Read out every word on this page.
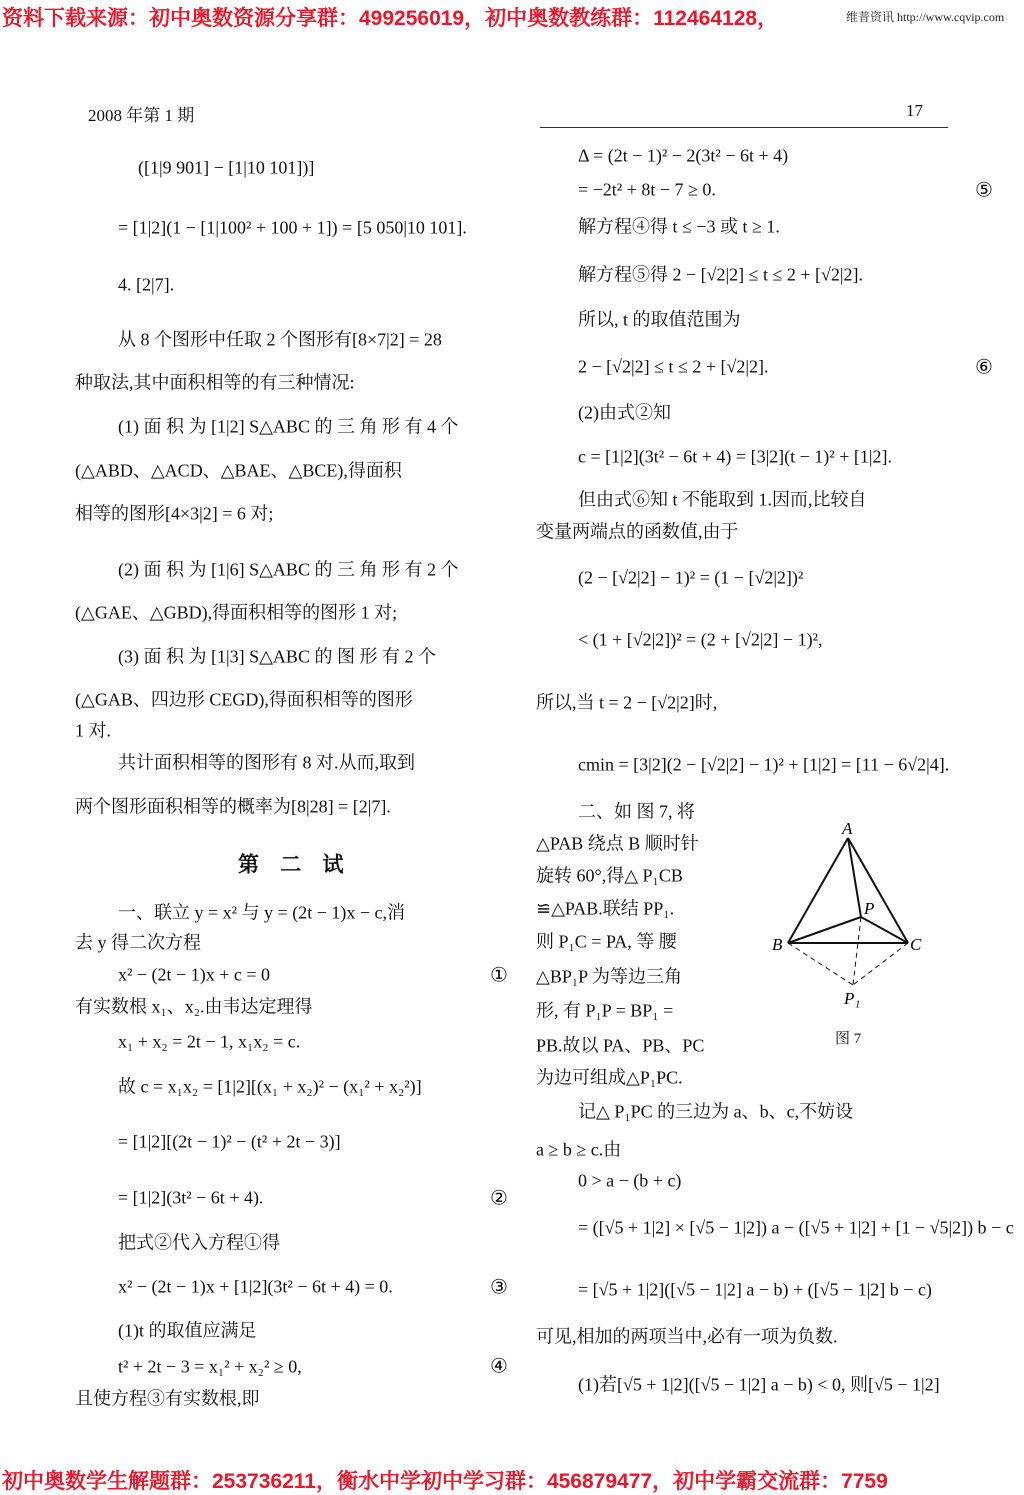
资料下载来源：初中奥数资源分享群：499256019，初中奥数教练群：112464128，	维普资讯 http://www.cqvip.com
2008 年第 1 期	17
([1|9 901] − [1|10 101])]
= [1|2](1 − [1|100² + 100 + 1]) = [5 050|10 101].
4. [2|7].
从 8 个图形中任取 2 个图形有[8×7|2] = 28
种取法,其中面积相等的有三种情况:
(1) 面 积 为 [1|2] S△ABC 的 三 角 形 有 4 个
(△ABD、△ACD、△BAE、△BCE),得面积
相等的图形[4×3|2] = 6 对;
(2) 面 积 为 [1|6] S△ABC 的 三 角 形 有 2 个
(△GAE、△GBD),得面积相等的图形 1 对;
(3) 面 积 为 [1|3] S△ABC 的 图 形 有 2 个
(△GAB、四边形 CEGD),得面积相等的图形
1 对.
共计面积相等的图形有 8 对.从而,取到
两个图形面积相等的概率为[8|28] = [2|7].
第 二 试
一、联立 y = x² 与 y = (2t − 1)x − c,消
去 y 得二次方程
x² − (2t − 1)x + c = 0
有实数根 x₁、x₂.由韦达定理得
x₁ + x₂ = 2t − 1, x₁x₂ = c.
故 c = x₁x₂ = [1|2][(x₁ + x₂)² − (x₁² + x₂²)]
= [1|2][(2t − 1)² − (t² + 2t − 3)]
= [1|2](3t² − 6t + 4).
把式②代入方程①得
x² − (2t − 1)x + [1|2](3t² − 6t + 4) = 0.
(1)t 的取值应满足
t² + 2t − 3 = x₁² + x₂² ≥ 0,
且使方程③有实数根,即
Δ = (2t − 1)² − 2(3t² − 6t + 4)
= −2t² + 8t − 7 ≥ 0.
解方程④得 t ≤ −3 或 t ≥ 1.
解方程⑤得 2 − [√2|2] ≤ t ≤ 2 + [√2|2].
所以, t 的取值范围为
2 − [√2|2] ≤ t ≤ 2 + [√2|2].
(2)由式②知
c = [1|2](3t² − 6t + 4) = [3|2](t − 1)² + [1|2].
但由式⑥知 t 不能取到 1.因而,比较自
变量两端点的函数值,由于
(2 − [√2|2] − 1)² = (1 − [√2|2])²
< (1 + [√2|2])² = (2 + [√2|2] − 1)²,
所以,当 t = 2 − [√2|2]时,
cmin = [3|2](2 − [√2|2] − 1)² + [1|2] = [11 − 6√2|4].
二、如 图 7, 将
△PAB 绕点 B 顺时针
旋转 60°,得△ P₁CB
≌△PAB.联结 PP₁.
则 P₁C = PA, 等 腰
△BP₁P 为等边三角
形, 有 P₁P = BP₁ =
PB.故以 PA、PB、PC
为边可组成△P₁PC.
记△ P₁PC 的三边为 a、b、c,不妨设
a ≥ b ≥ c.由
0 > a − (b + c)
= ([√5 + 1|2] × [√5 − 1|2]) a − ([√5 + 1|2] + [1 − √5|2]) b − c
= [√5 + 1|2]([√5 − 1|2] a − b) + ([√5 − 1|2] b − c)
可见,相加的两项当中,必有一项为负数.
(1)若[√5 + 1|2]([√5 − 1|2] a − b) < 0, 则[√5 − 1|2]
①
②
③
④
⑤
⑥
A
B	C
P
P₁
图 7
初中奥数学生解题群：253736211，衡水中学初中学习群：456879477，初中学霸交流群：7759
